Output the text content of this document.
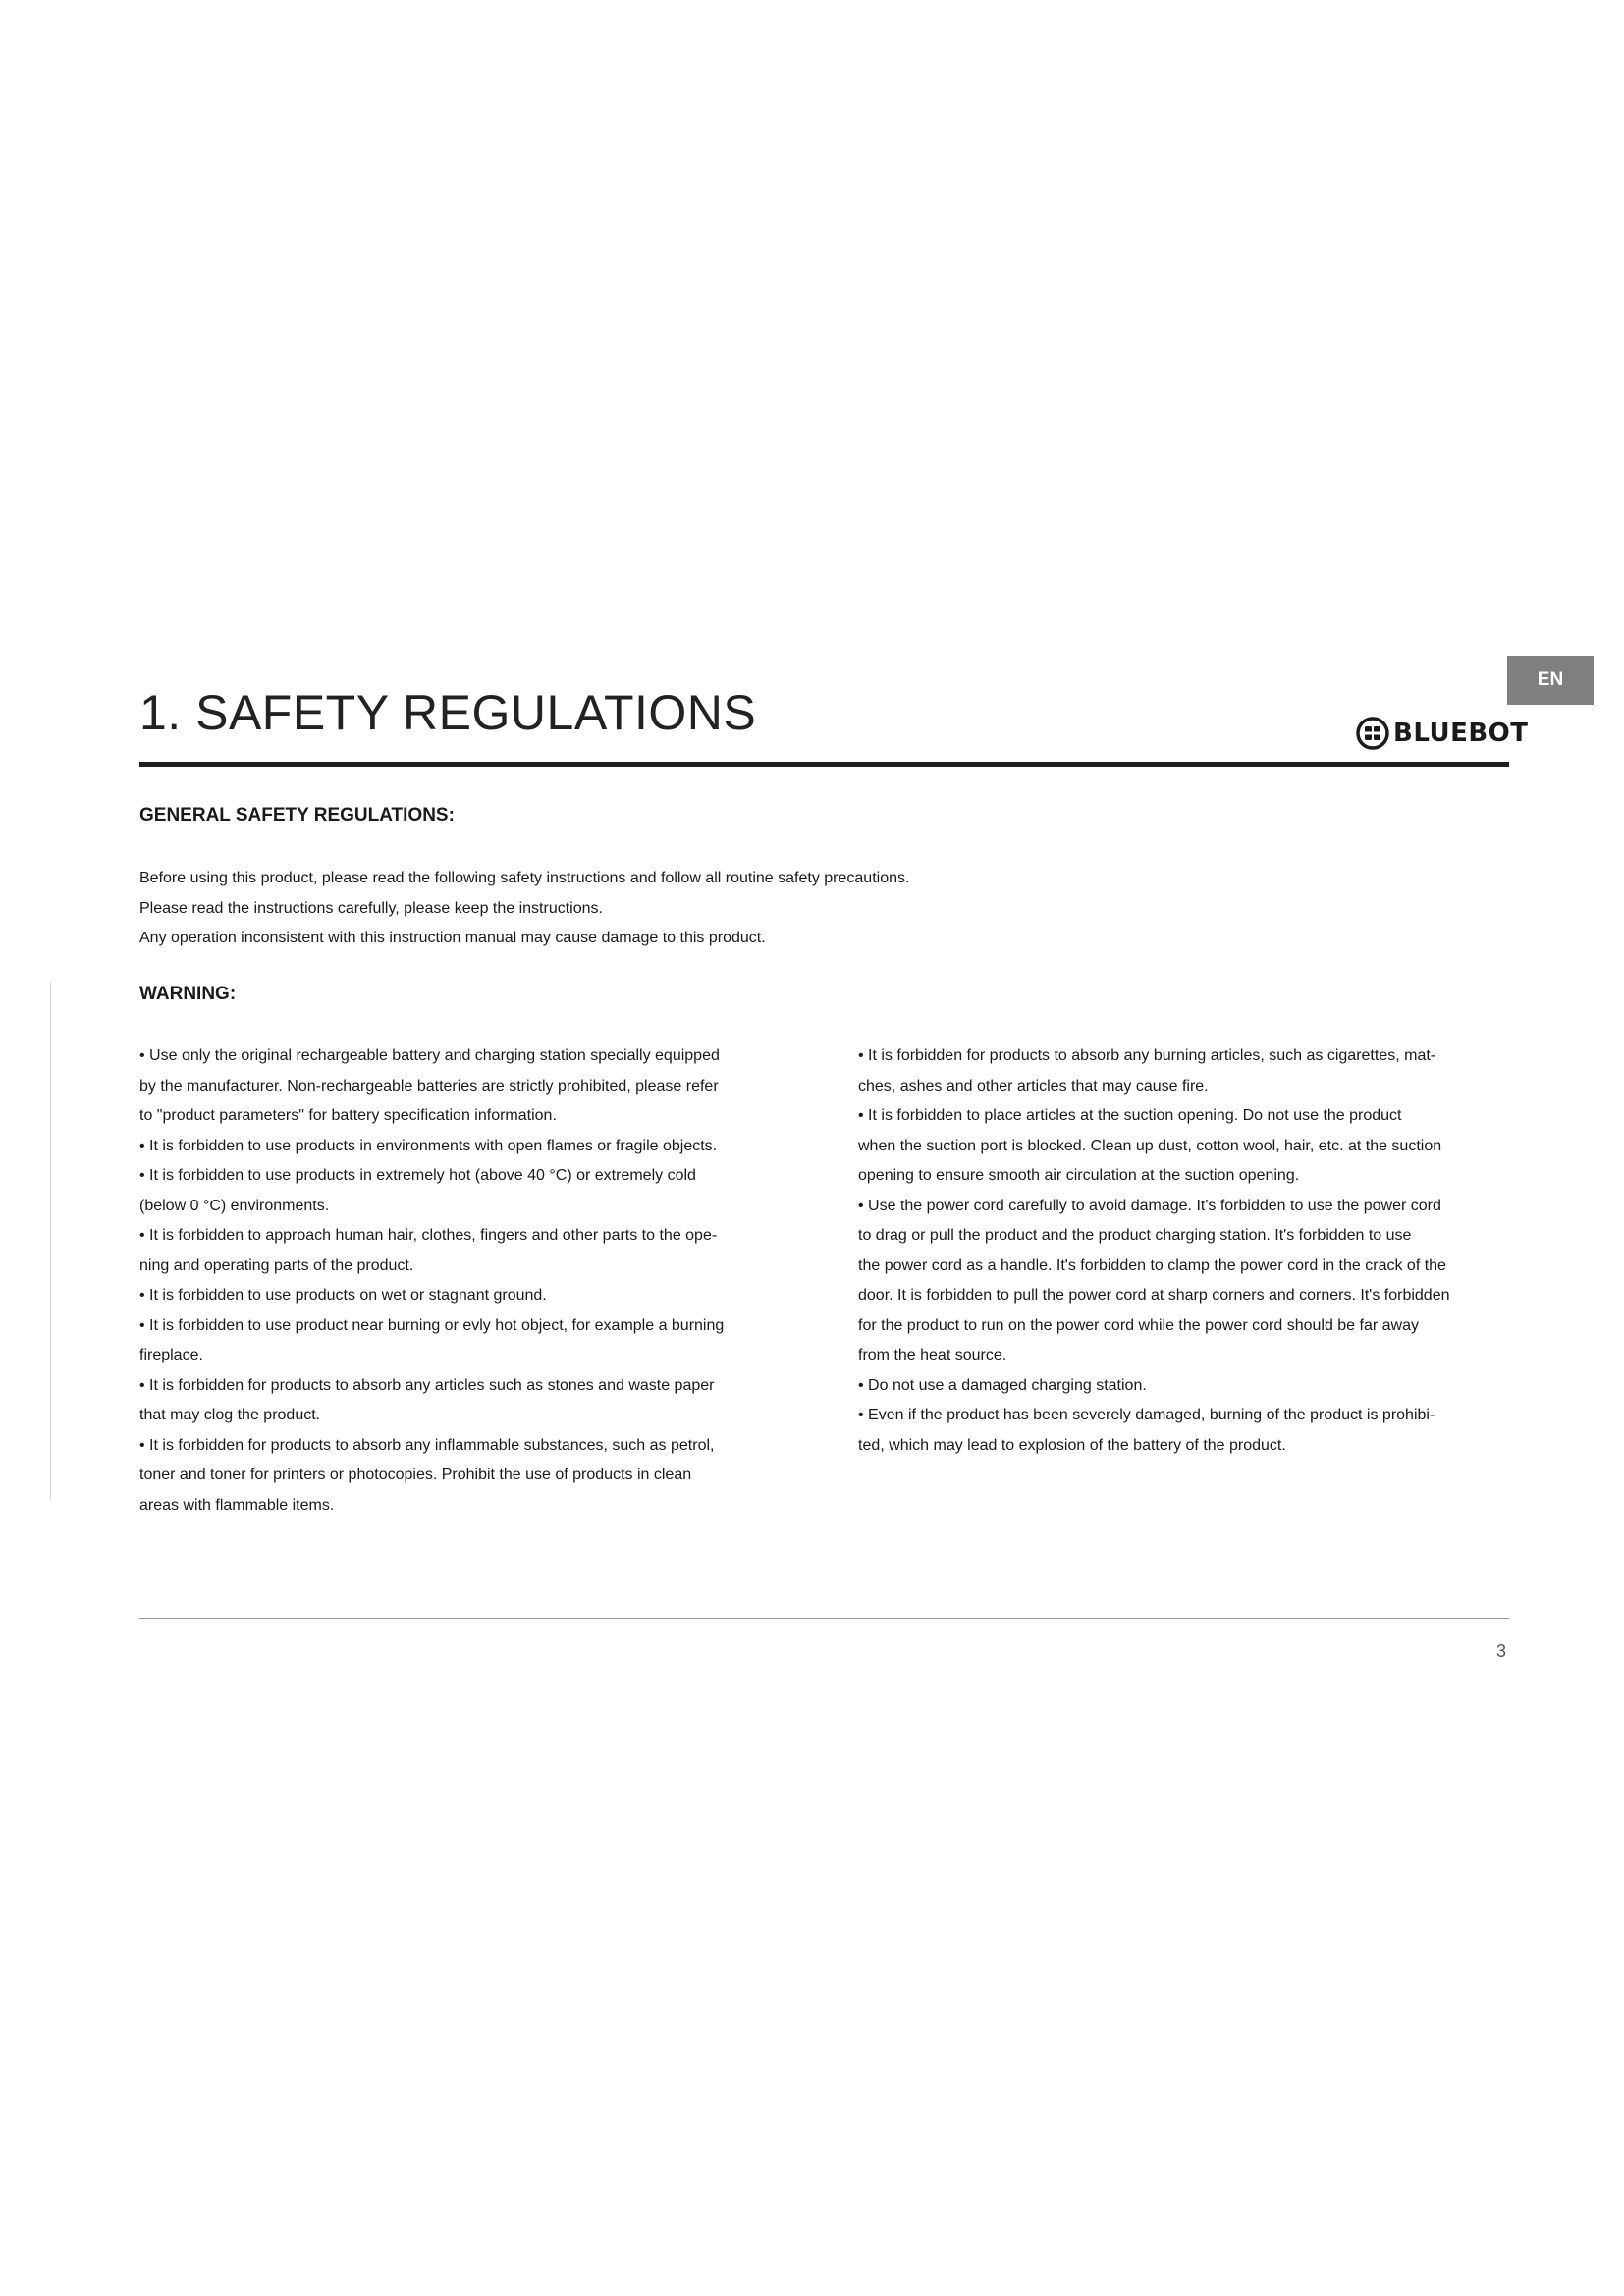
EN
1. SAFETY REGULATIONS	BLUEBOT
GENERAL SAFETY REGULATIONS:

Before using this product, please read the following safety instructions and follow all routine safety precautions.

Please read the instructions carefully, please keep the instructions.

Any operation inconsistent with this instruction manual may cause damage to this product.

WARNING:
• Use only the original rechargeable battery and charging station specially equipped
by the manufacturer. Non-rechargeable batteries are strictly prohibited, please refer
to "product parameters" for battery specification information.
• It is forbidden to use products in environments with open flames or fragile objects.
• It is forbidden to use products in extremely hot (above 40 °C) or extremely cold
(below 0 °C) environments.
• It is forbidden to approach human hair, clothes, fingers and other parts to the ope-
ning and operating parts of the product.
• It is forbidden to use products on wet or stagnant ground.
• It is forbidden to use product near burning or evly hot object, for example a burning
fireplace.
• It is forbidden for products to absorb any articles such as stones and waste paper
that may clog the product.
• It is forbidden for products to absorb any inflammable substances, such as petrol,
toner and toner for printers or photocopies. Prohibit the use of products in clean
areas with flammable items.
• It is forbidden for products to absorb any burning articles, such as cigarettes, mat-
ches, ashes and other articles that may cause fire.
• It is forbidden to place articles at the suction opening. Do not use the product
when the suction port is blocked. Clean up dust, cotton wool, hair, etc. at the suction
opening to ensure smooth air circulation at the suction opening.
• Use the power cord carefully to avoid damage. It's forbidden to use the power cord
to drag or pull the product and the product charging station. It's forbidden to use
the power cord as a handle. It's forbidden to clamp the power cord in the crack of the
door. It is forbidden to pull the power cord at sharp corners and corners. It's forbidden
for the product to run on the power cord while the power cord should be far away
from the heat source.
• Do not use a damaged charging station.
• Even if the product has been severely damaged, burning of the product is prohibi-
ted, which may lead to explosion of the battery of the product.
3
